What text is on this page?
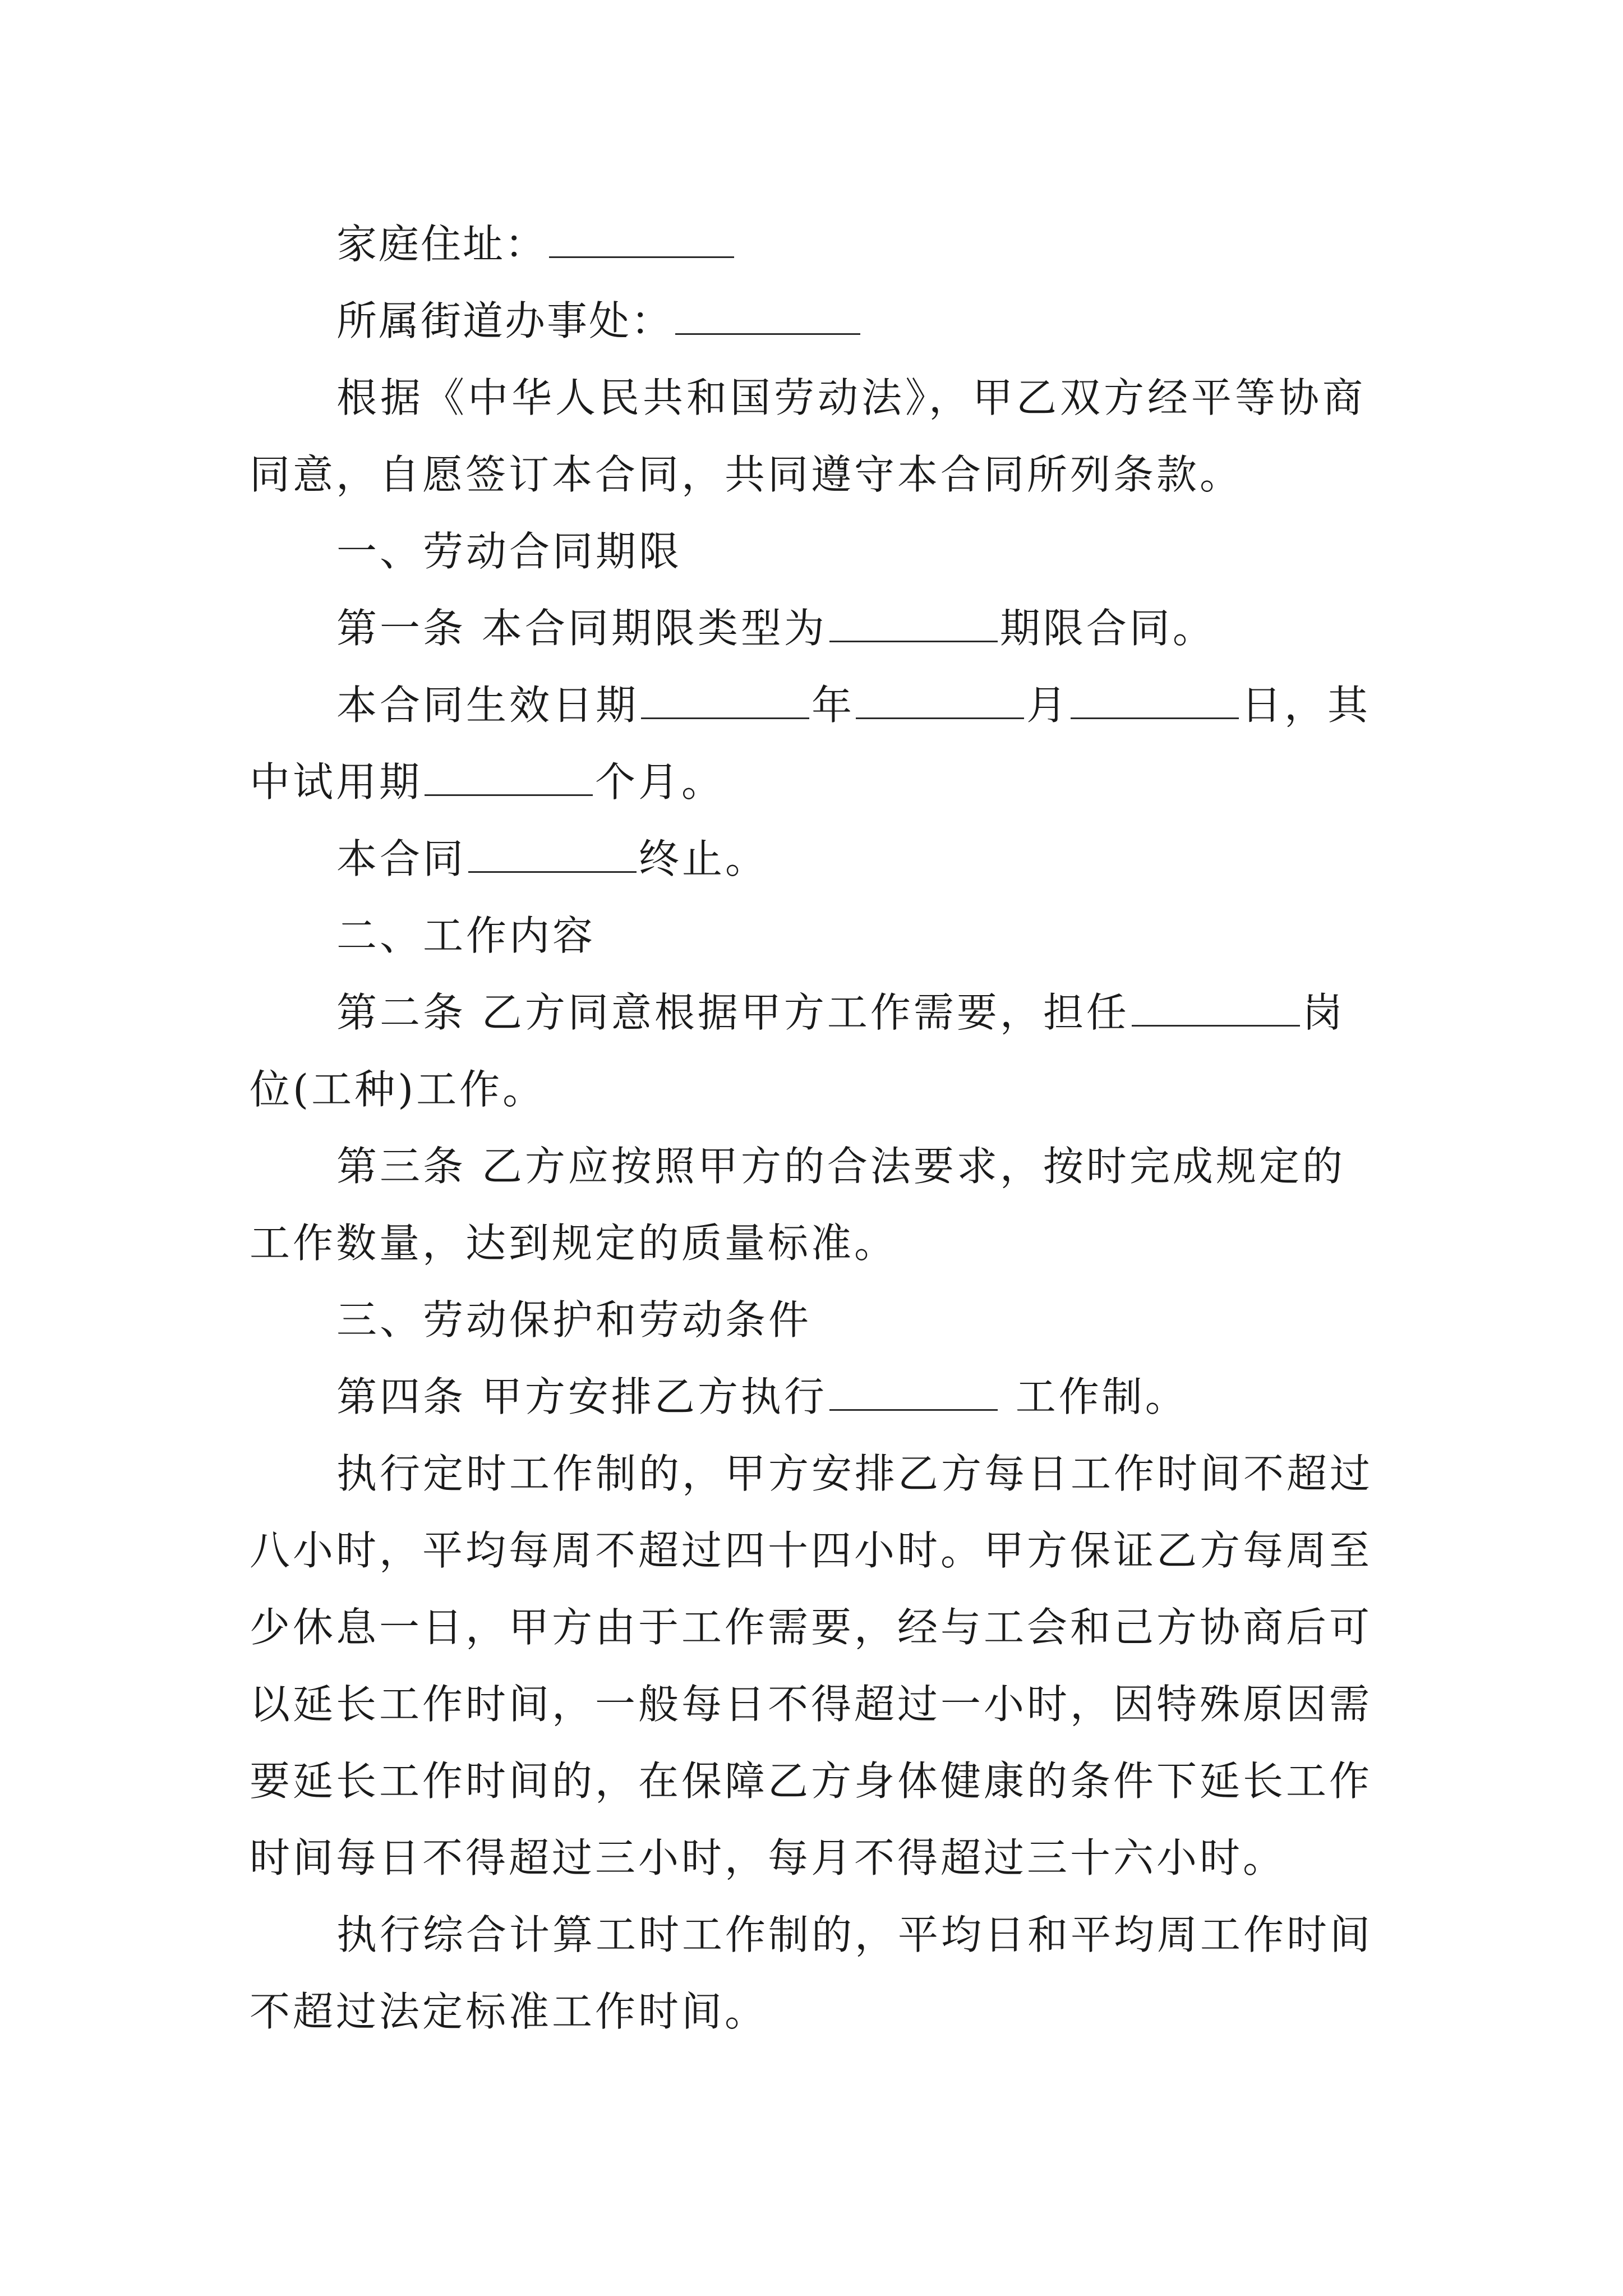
家庭住址：
所属街道办事处：
根据《中华人民共和国劳动法》，甲乙双方经平等协商
同意，自愿签订本合同，共同遵守本合同所列条款。
一、劳动合同期限
第一条 本合同期限类型为	期限合同。
本合同生效日期	年	月	日，其
中试用期	个月。
本合同	终止。
二、工作内容
第二条 乙方同意根据甲方工作需要，担任	岗
位(工种)工作。
第三条 乙方应按照甲方的合法要求，按时完成规定的
工作数量，达到规定的质量标准。
三、劳动保护和劳动条件
第四条 甲方安排乙方执行	工作制。
执行定时工作制的，甲方安排乙方每日工作时间不超过
八小时，平均每周不超过四十四小时。甲方保证乙方每周至
少休息一日，甲方由于工作需要，经与工会和己方协商后可
以延长工作时间，一般每日不得超过一小时，因特殊原因需
要延长工作时间的，在保障乙方身体健康的条件下延长工作
时间每日不得超过三小时，每月不得超过三十六小时。
执行综合计算工时工作制的，平均日和平均周工作时间
不超过法定标准工作时间。
